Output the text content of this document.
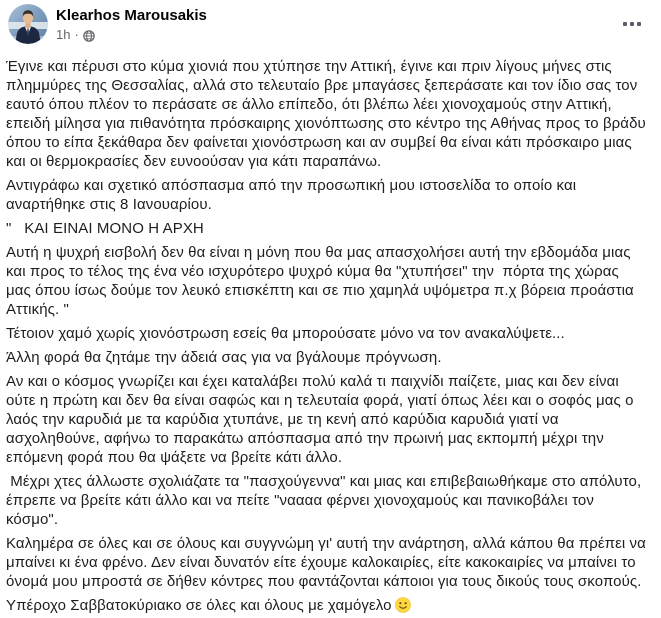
Klearhos Marousakis
1h ·

Έγινε και πέρυσι στο κύμα χιονιά που χτύπησε την Αττική, έγινε και πριν λίγους μήνες στις πλημμύρες της Θεσσαλίας, αλλά στο τελευταίο βρε μπαγάσες ξεπεράσατε και τον ίδιο σας τον εαυτό όπου πλέον το περάσατε σε άλλο επίπεδο, ότι βλέπω λέει χιονοχαμούς στην Αττική, επειδή μίλησα για πιθανότητα πρόσκαιρης χιονόπτωσης στο κέντρο της Αθήνας προς το βράδυ όπου το είπα ξεκάθαρα δεν φαίνεται χιονόστρωση και αν συμβεί θα είναι κάτι πρόσκαιρο μιας και οι θερμοκρασίες δεν ευνοούσαν για κάτι παραπάνω.

Αντιγράφω και σχετικό απόσπασμα από την προσωπική μου ιστοσελίδα το οποίο και αναρτήθηκε στις 8 Ιανουαρίου.

"   ΚΑΙ ΕΙΝΑΙ ΜΟΝΟ Η ΑΡΧΗ

Αυτή η ψυχρή εισβολή δεν θα είναι η μόνη που θα μας απασχολήσει αυτή την εβδομάδα μιας και προς το τέλος της ένα νέο ισχυρότερο ψυχρό κύμα θα "χτυπήσει" την  πόρτα της χώρας μας όπου ίσως δούμε τον λευκό επισκέπτη και σε πιο χαμηλά υψόμετρα π.χ βόρεια προάστια Αττικής. "

Τέτοιον χαμό χωρίς χιονόστρωση εσείς θα μπορούσατε μόνο να τον ανακαλύψετε...

Άλλη φορά θα ζητάμε την άδειά σας για να βγάλουμε πρόγνωση.

Αν και ο κόσμος γνωρίζει και έχει καταλάβει πολύ καλά τι παιχνίδι παίζετε, μιας και δεν είναι ούτε η πρώτη και δεν θα είναι σαφώς και η τελευταία φορά, γιατί όπως λέει και ο σοφός μας ο λαός την καρυδιά με τα καρύδια χτυπάνε, με τη κενή από καρύδια καρυδιά γιατί να ασχοληθούνε, αφήνω το παρακάτω απόσπασμα από την πρωινή μας εκπομπή μέχρι την επόμενη φορά που θα ψάξετε να βρείτε κάτι άλλο.

Μέχρι χτες άλλωστε σχολιάζατε τα "πασχούγεννα" και μιας και επιβεβαιωθήκαμε στο απόλυτο, έπρεπε να βρείτε κάτι άλλο και να πείτε "ναααα φέρνει χιονοχαμούς και πανικοβάλει τον κόσμο".

Καλημέρα σε όλες και σε όλους και συγγνώμη γι' αυτή την ανάρτηση, αλλά κάπου θα πρέπει να μπαίνει κι ένα φρένο. Δεν είναι δυνατόν είτε έχουμε καλοκαιρίες, είτε κακοκαιρίες να μπαίνει το όνομά μου μπροστά σε δήθεν κόντρες που φαντάζονται κάποιοι για τους δικούς τους σκοπούς.

Υπέροχο Σαββατοκύριακο σε όλες και όλους με χαμόγελο
